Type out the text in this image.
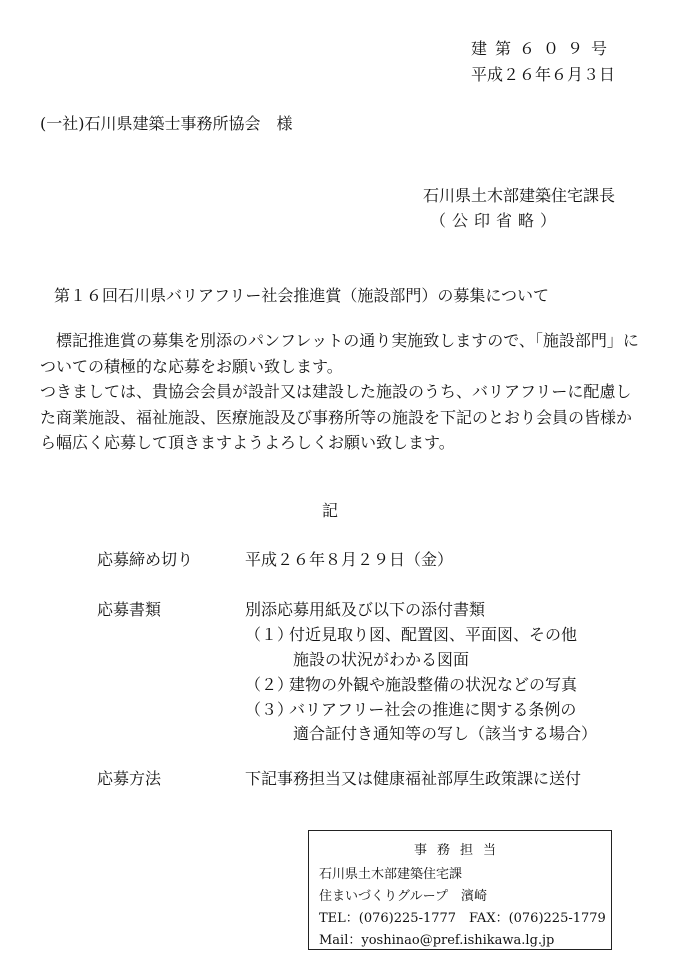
建第６０９号
平成２６年６月３日
(一社)石川県建築士事務所協会　様
石川県土木部建築住宅課長
（公印省略）
第１６回石川県バリアフリー社会推進賞（施設部門）の募集について
標記推進賞の募集を別添のパンフレットの通り実施致しますので、「施設部門」についての積極的な応募をお願い致します。
つきましては、貴協会会員が設計又は建設した施設のうち、バリアフリーに配慮した商業施設、福祉施設、医療施設及び事務所等の施設を下記のとおり会員の皆様から幅広く応募して頂きますようよろしくお願い致します。
記
応募締め切り	平成２６年８月２９日（金）
応募書類	別添応募用紙及び以下の添付書類
（１）付近見取り図、配置図、平面図、その他
施設の状況がわかる図面
（２）建物の外観や施設整備の状況などの写真
（３）バリアフリー社会の推進に関する条例の
適合証付き通知等の写し（該当する場合）
応募方法	下記事務担当又は健康福祉部厚生政策課に送付
事務担当
石川県土木部建築住宅課
住まいづくりグループ　濱崎
TEL：(076)225-1777　FAX：(076)225-1779
Mail：yoshinao@pref.ishikawa.lg.jp
